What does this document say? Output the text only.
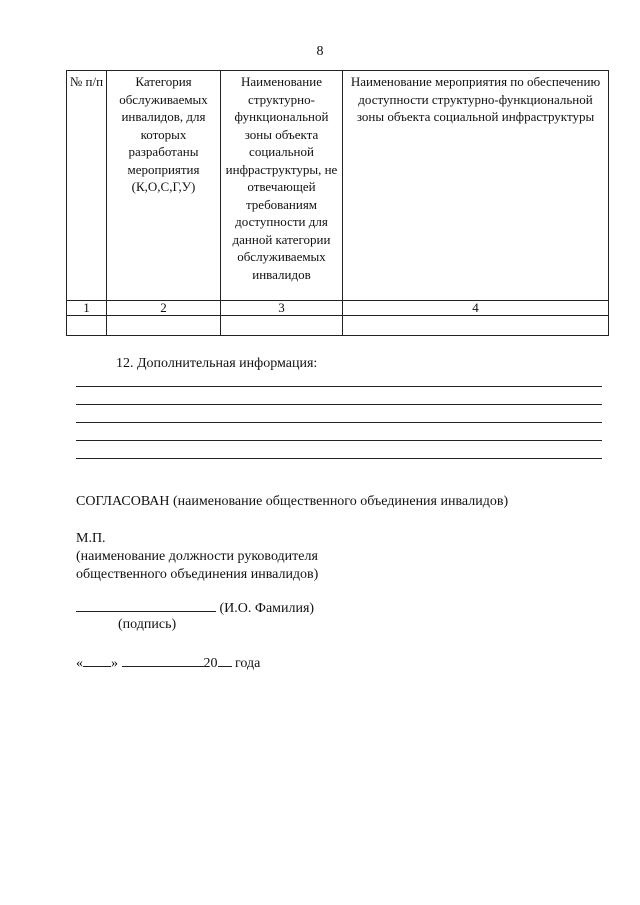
8
№ п/п	Категория обслуживаемых инвалидов, для которых разработаны мероприятия (К,О,С,Г,У)	Наименование структурно-функциональной зоны объекта социальной инфраструктуры, не отвечающей требованиям доступности для данной категории обслуживаемых инвалидов	Наименование мероприятия по обеспечению доступности структурно-функциональной зоны объекта социальной инфраструктуры
1	2	3	4

12. Дополнительная информация:
СОГЛАСОВАН (наименование общественного объединения инвалидов)
М.П.
(наименование должности руководителя
общественного объединения инвалидов)
(И.О. Фамилия)
(подпись)
« »	20 года
